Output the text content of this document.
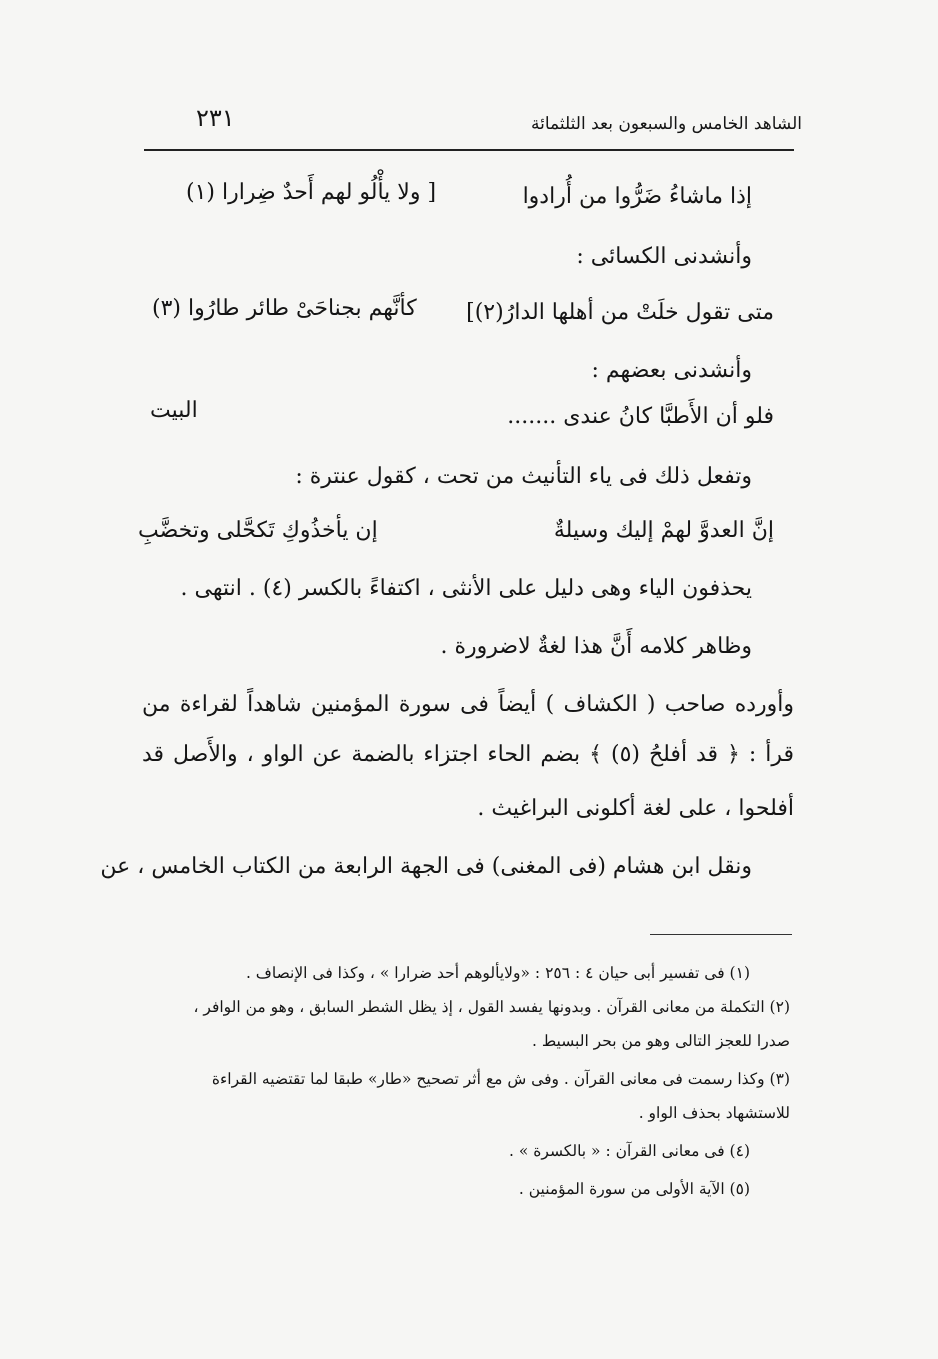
الشاهد الخامس والسبعون بعد الثلثمائة
٢٣١
إذا ماشاءُ ضَرُّوا من أُرادوا
[ ولا يأْلُو لهم أَحدٌ ضِرارا (١)
وأنشدنى الكسائى :
متى تقول خلَتْ من أهلها الدارُ(٢)]
كأنَّهم بجناحَىْ طائر طارُوا (٣)
وأنشدنى بعضهم :
فلو أن الأَطبَّا كانُ عندى .......
البيت
وتفعل ذلك فى ياء التأنيث من تحت ، كقول عنترة :
إنَّ العدوَّ لهمْ إليك وسيلةٌ
إن يأخذُوكِ تَكحَّلى وتخضَّبِ
يحذفون الياء وهى دليل على الأنثى ، اكتفاءً بالكسر (٤) . انتهى .
وظاهر كلامه أَنَّ هذا لغةٌ لاضرورة .
وأورده صاحب ( الكشاف ) أيضاً فى سورة المؤمنين شاهداً لقراءة من
قرأ : ﴿ قد أفلحُ (٥) ﴾ بضم الحاء اجتزاء بالضمة عن الواو ، والأَصل قد
أفلحوا ، على لغة أكلونى البراغيث .
ونقل ابن هشام (فى المغنى) فى الجهة الرابعة من الكتاب الخامس ، عن
(١) فى تفسير أبى حيان ٤ : ٢٥٦ : «ولايألوهم أحد ضرارا » ، وكذا فى الإنصاف .
(٢) التكملة من معانى القرآن . وبدونها يفسد القول ، إذ يظل الشطر السابق ، وهو من الوافر ،
صدرا للعجز التالى وهو من بحر البسيط .
(٣) وكذا رسمت فى معانى القرآن . وفى ش مع أثر تصحيح «طار» طبقا لما تقتضيه القراءة
للاستشهاد بحذف الواو .
(٤) فى معانى القرآن : « بالكسرة » .
(٥) الآية الأولى من سورة المؤمنين .
